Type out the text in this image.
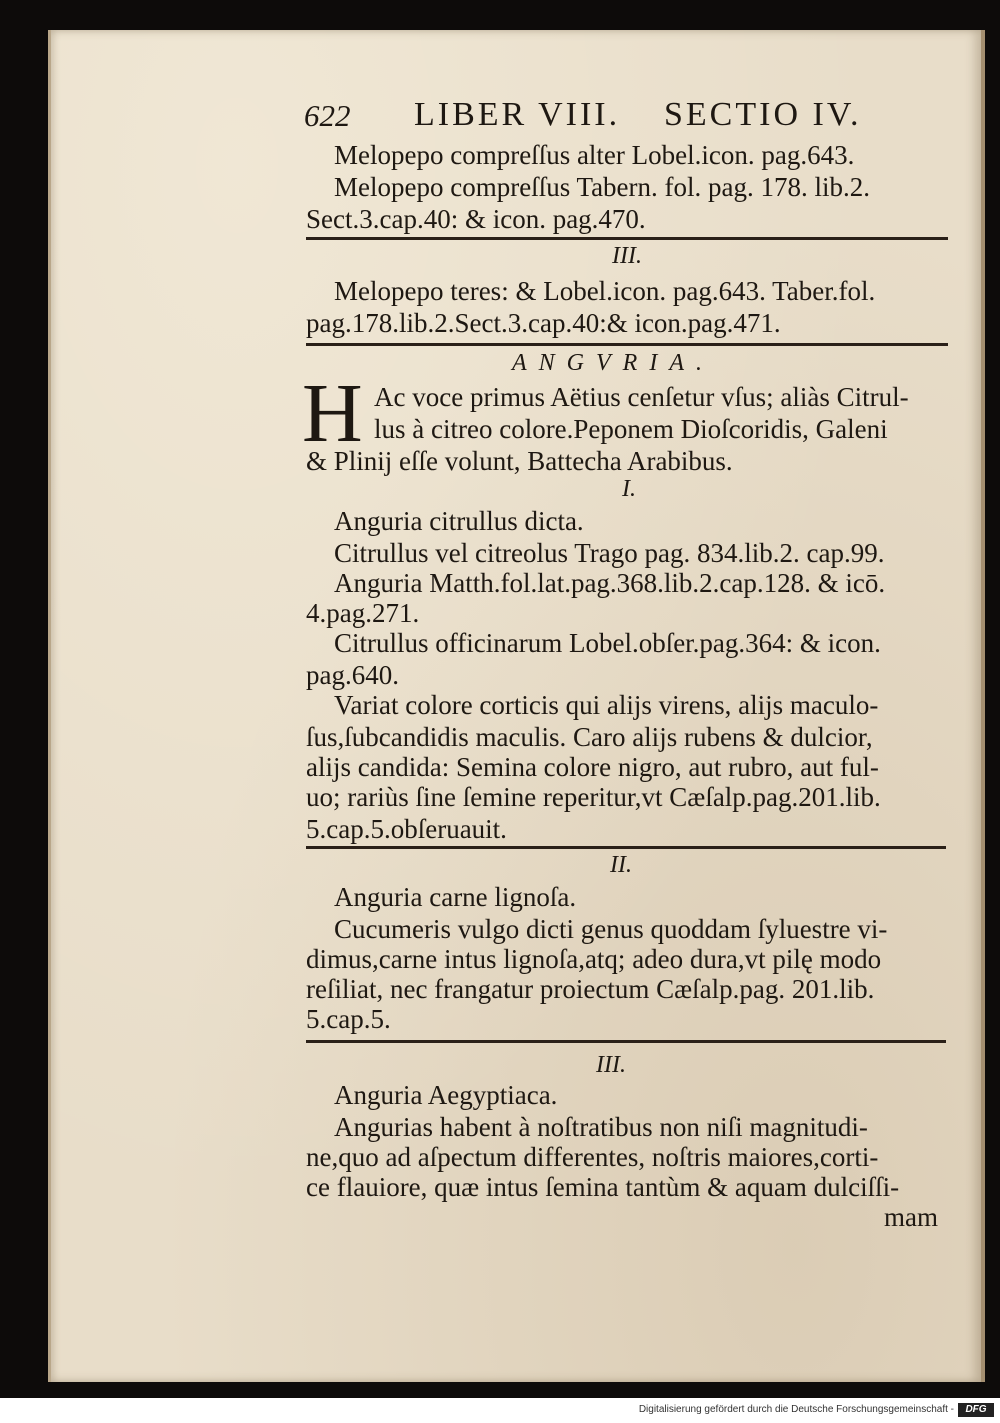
622 LIBER VIII. SECTIO IV.
Melopepo compreſſus alter Lobel.icon. pag.643.
Melopepo compreſſus Tabern. fol. pag. 178. lib.2.
Sect.3.cap.40: & icon. pag.470.
III.
Melopepo teres: & Lobel.icon. pag.643. Taber.fol.
pag.178.lib.2.Sect.3.cap.40:& icon.pag.471.
ANGVRIA.
H Ac voce primus Aëtius cenſetur vſus; aliàs Citrul-
lus à citreo colore.Peponem Dioſcoridis, Galeni
& Plinij eſſe volunt, Battecha Arabibus.
I.
Anguria citrullus dicta.
Citrullus vel citreolus Trago pag. 834.lib.2. cap.99.
Anguria Matth.fol.lat.pag.368.lib.2.cap.128. & icō.
4.pag.271.
Citrullus officinarum Lobel.obſer.pag.364: & icon.
pag.640.
Variat colore corticis qui alijs virens, alijs maculo-
ſus,ſubcandidis maculis. Caro alijs rubens & dulcior,
alijs candida: Semina colore nigro, aut rubro, aut ful-
uo; rariùs ſine ſemine reperitur,vt Cæſalp.pag.201.lib.
5.cap.5.obſeruauit.
II.
Anguria carne lignoſa.
Cucumeris vulgo dicti genus quoddam ſyluestre vi-
dimus,carne intus lignoſa,atq; adeo dura,vt pilę modo
reſiliat, nec frangatur proiectum Cæſalp.pag. 201.lib.
5.cap.5.
III.
Anguria Aegyptiaca.
Angurias habent à noſtratibus non niſi magnitudi-
ne,quo ad aſpectum differentes, noſtris maiores,corti-
ce flauiore, quæ intus ſemina tantùm & aquam dulciſſi-
mam
Digitalisierung gefördert durch die Deutsche Forschungsgemeinschaft -	DFG
